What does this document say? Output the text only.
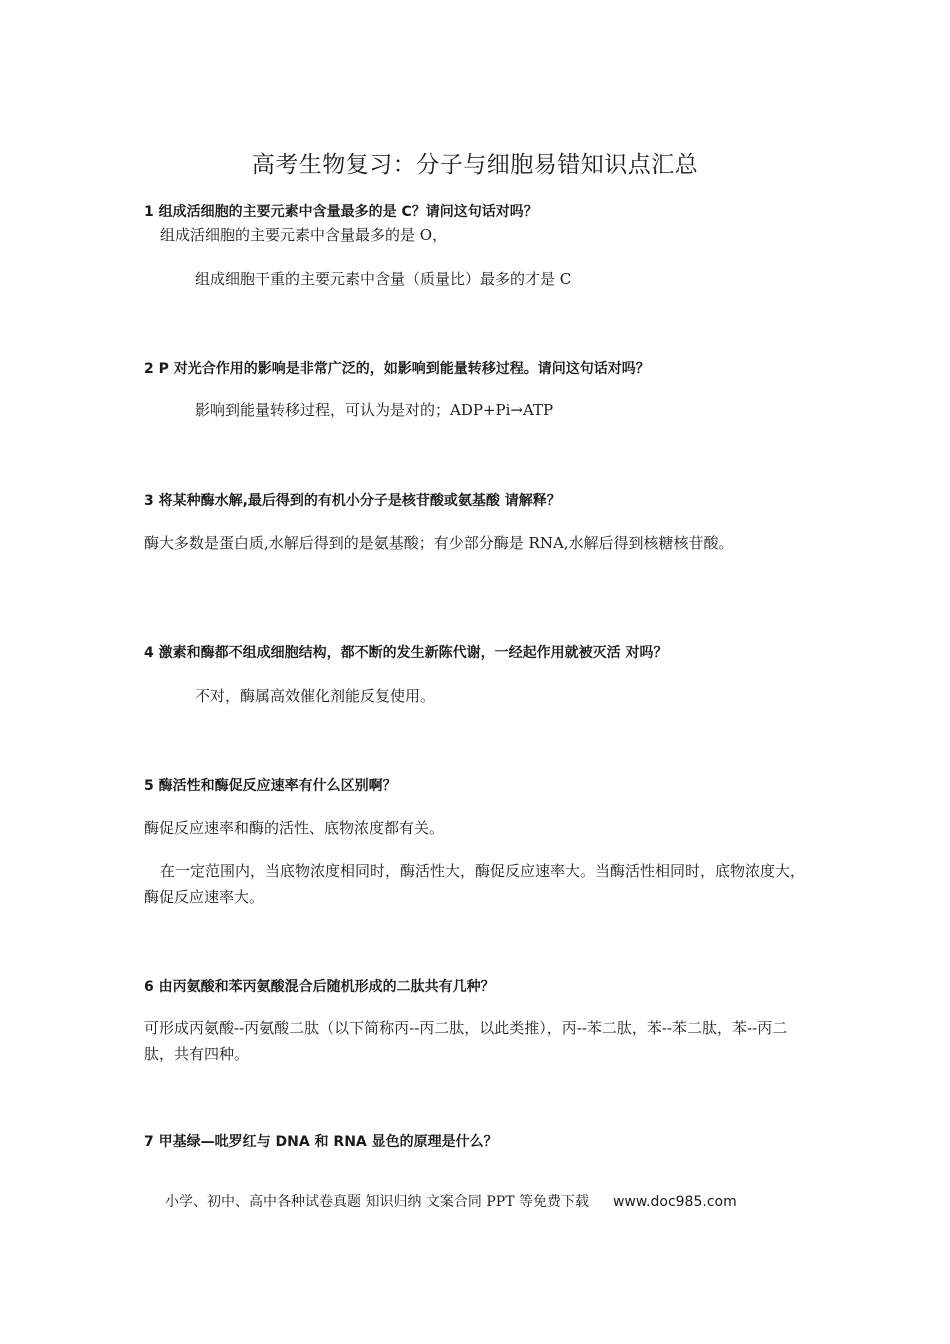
高考生物复习：分子与细胞易错知识点汇总

1 组成活细胞的主要元素中含量最多的是 C？请问这句话对吗？

组成活细胞的主要元素中含量最多的是 O，

组成细胞干重的主要元素中含量（质量比）最多的才是 C

2 P 对光合作用的影响是非常广泛的，如影响到能量转移过程。请问这句话对吗？

影响到能量转移过程，可认为是对的；ADP+Pi→ATP

3 将某种酶水解,最后得到的有机小分子是核苷酸或氨基酸 请解释？

酶大多数是蛋白质,水解后得到的是氨基酸；有少部分酶是 RNA,水解后得到核糖核苷酸。

4 激素和酶都不组成细胞结构，都不断的发生新陈代谢，一经起作用就被灭活 对吗？

不对，酶属高效催化剂能反复使用。

5 酶活性和酶促反应速率有什么区别啊？

酶促反应速率和酶的活性、底物浓度都有关。

在一定范围内，当底物浓度相同时，酶活性大，酶促反应速率大。当酶活性相同时，底物浓度大，酶促反应速率大。

6 由丙氨酸和苯丙氨酸混合后随机形成的二肽共有几种？

可形成丙氨酸--丙氨酸二肽（以下简称丙--丙二肽，以此类推），丙--苯二肽，苯--苯二肽，苯--丙二肽，共有四种。

7 甲基绿—吡罗红与 DNA 和 RNA 显色的原理是什么？

小学、初中、高中各种试卷真题 知识归纳 文案合同 PPT 等免费下载 www.doc985.com
